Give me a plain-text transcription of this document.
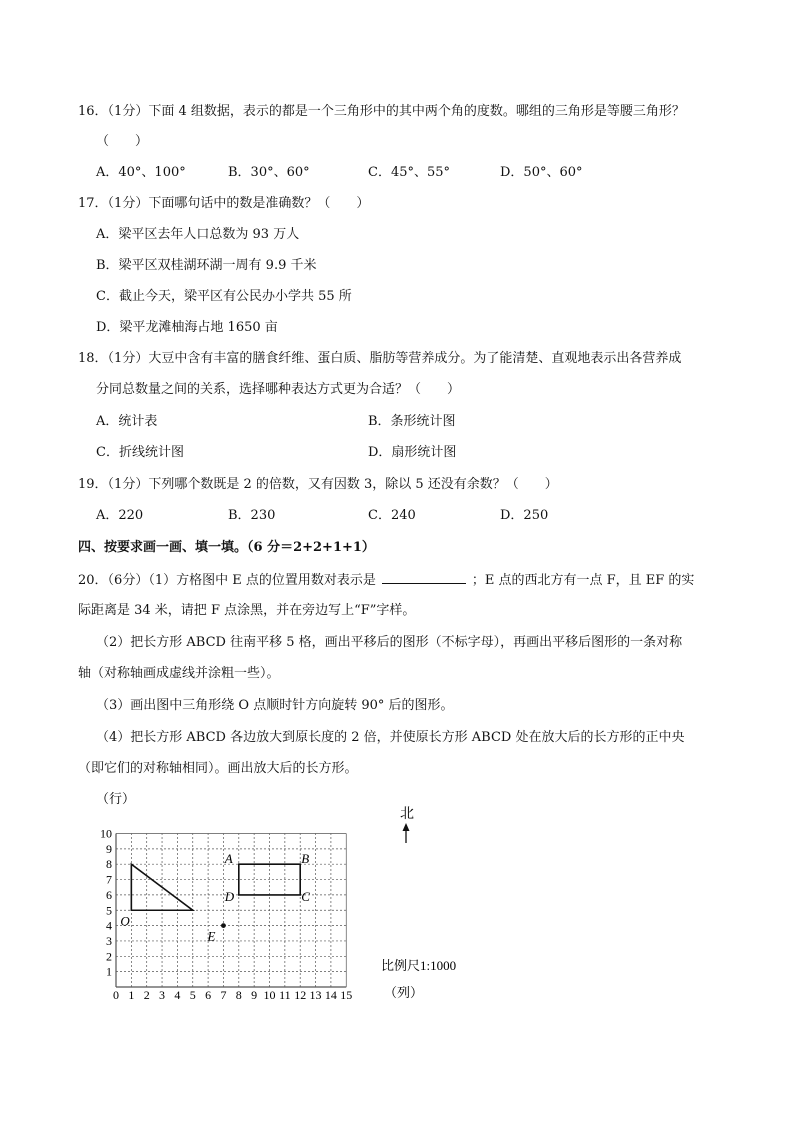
16．（1分）下面 4 组数据，表示的都是一个三角形中的其中两个角的度数。哪组的三角形是等腰三角形？
（　　）
A．40°、100°	B．30°、60°	C．45°、55°	D．50°、60°
17．（1分）下面哪句话中的数是准确数？（　　）
A．梁平区去年人口总数为 93 万人
B．梁平区双桂湖环湖一周有 9.9 千米
C．截止今天，梁平区有公民办小学共 55 所
D．梁平龙滩柚海占地 1650 亩
18．（1分）大豆中含有丰富的膳食纤维、蛋白质、脂肪等营养成分。为了能清楚、直观地表示出各营养成
分同总数量之间的关系，选择哪种表达方式更为合适？（　　）
A．统计表	B．条形统计图
C．折线统计图	D．扇形统计图
19．（1分）下列哪个数既是 2 的倍数，又有因数 3，除以 5 还没有余数？（　　）
A．220	B．230	C．240	D．250
四、按要求画一画、填一填。（6 分＝2+2+1+1）
20．（6分）（1）方格图中 E 点的位置用数对表示是	；E 点的西北方有一点 F，且 EF 的实
际距离是 34 米，请把 F 点涂黑，并在旁边写上“F”字样。
（2）把长方形 ABCD 往南平移 5 格，画出平移后的图形（不标字母），再画出平移后图形的一条对称
轴（对称轴画成虚线并涂粗一些）。
（3）画出图中三角形绕 O 点顺时针方向旋转 90° 后的图形。
（4）把长方形 ABCD 各边放大到原长度的 2 倍，并使原长方形 ABCD 处在放大后的长方形的正中央
（即它们的对称轴相同）。画出放大后的长方形。
0 1 2 3 4 5 6 7 8 9 10 11 12 13 14 15
1
2
3
4
5
6
7
8
9
10
O
A	B
C
D
E
（行）
（列）
北
比例尺1:1000
